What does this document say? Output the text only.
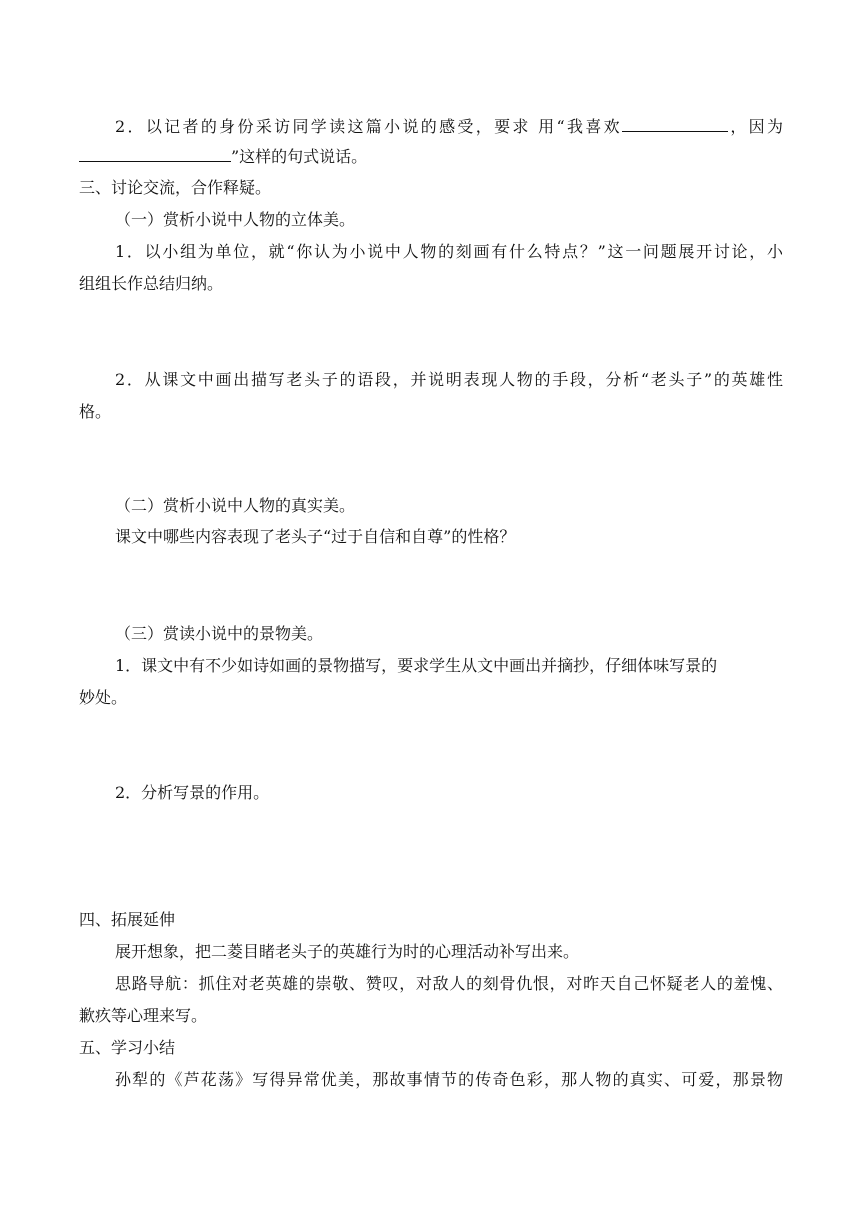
2．以记者的身份采访同学读这篇小说的感受，要求 用“我喜欢	，因为
”这样的句式说话。
三、讨论交流，合作释疑。
（一）赏析小说中人物的立体美。
1．以小组为单位，就“你认为小说中人物的刻画有什么特点？”这一问题展开讨论，小
组组长作总结归纳。
2．从课文中画出描写老头子的语段，并说明表现人物的手段，分析“老头子”的英雄性
格。
（二）赏析小说中人物的真实美。
课文中哪些内容表现了老头子“过于自信和自尊”的性格？
（三）赏读小说中的景物美。
1．课文中有不少如诗如画的景物描写，要求学生从文中画出并摘抄，仔细体味写景的
妙处。
2．分析写景的作用。
四、拓展延伸
展开想象，把二菱目睹老头子的英雄行为时的心理活动补写出来。
思路导航：抓住对老英雄的崇敬、赞叹，对敌人的刻骨仇恨，对昨天自己怀疑老人的羞愧、
歉疚等心理来写。
五、学习小结
孙犁的《芦花荡》写得异常优美，那故事情节的传奇色彩，那人物的真实、可爱，那景物
